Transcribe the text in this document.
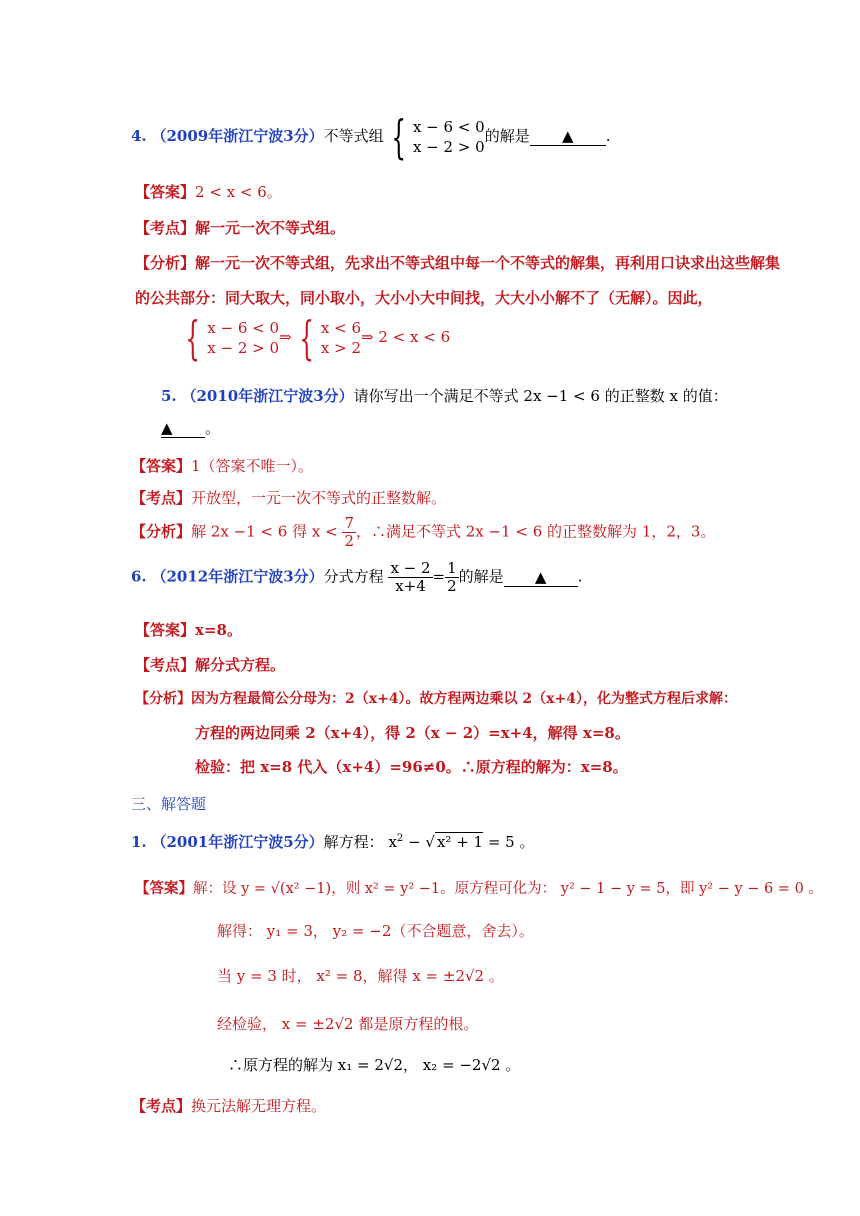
4. （2009年浙江宁波3分）不等式组 { x − 6 < 0
x − 2 > 0
的解是 ▲ .
【答案】2 < x < 6。
【考点】解一元一次不等式组。
【分析】解一元一次不等式组，先求出不等式组中每一个不等式的解集，再利用口诀求出这些解集
的公共部分：同大取大，同小取小，大小小大中间找，大大小小解不了（无解）。因此，
{ x − 6 < 0
x − 2 > 0
⇒ { x < 6
x > 2
⇒ 2 < x < 6
5. （2010年浙江宁波3分）请你写出一个满足不等式 2x −1 < 6 的正整数 x 的值：
▲ 。
【答案】1（答案不唯一）。
【考点】开放型，一元一次不等式的正整数解。
【分析】解 2x −1 < 6 得 $x < \frac{7}{2}$ ，∴满足不等式 2x −1 < 6 的正整数解为 1，2，3。
6. （2012年浙江宁波3分）分式方程 $\frac{x - 2}{x+4} = \frac{1}{2}$ 的解是 ▲ .
【答案】x=8。
【考点】解分式方程。
【分析】因为方程最简公分母为：2（x+4）。故方程两边乘以 2（x+4），化为整式方程后求解：
方程的两边同乘 2（x+4），得 2（x − 2）=x+4，解得 x=8。
检验：把 x=8 代入（x+4）=96≠0。∴原方程的解为：x=8。
三、解答题
1. （2001年浙江宁波5分）解方程： $x^2$ − √ x² + 1 = 5 。
【答案】解：设 y = √(x² −1)，则 x² = y² −1。原方程可化为： y² − 1 − y = 5，即 y² − y − 6 = 0 。
解得： y₁ = 3， y₂ = −2（不合题意，舍去）。
当 y = 3 时， x² = 8，解得 x = ±2√2 。
经检验， x = ±2√2 都是原方程的根。
∴原方程的解为 x₁ = 2√2， x₂ = −2√2 。
【考点】换元法解无理方程。
